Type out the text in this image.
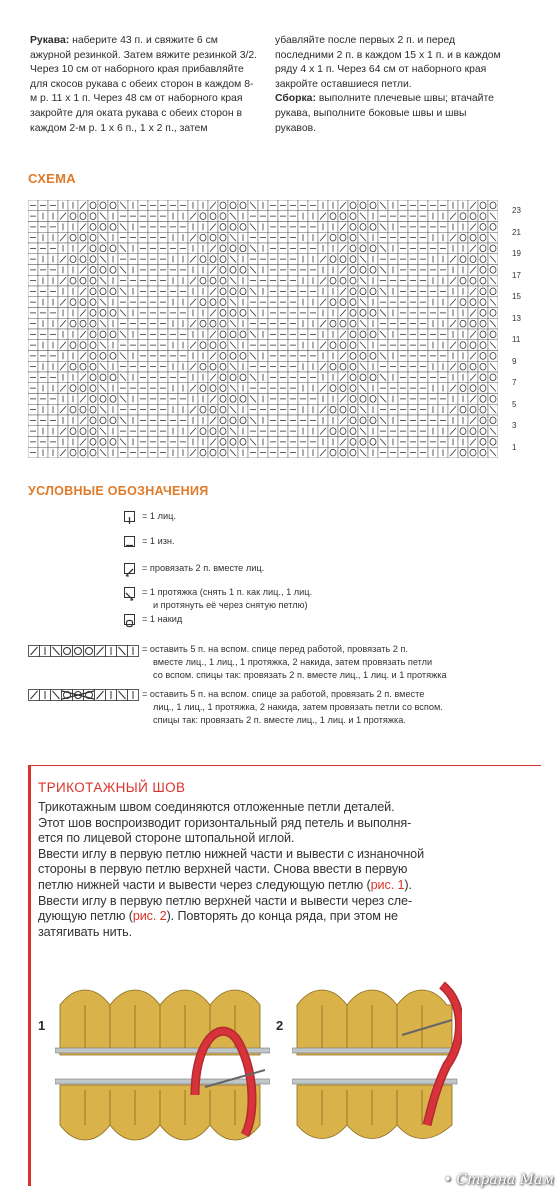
Рукава: наберите 43 п. и свяжите 6 см ажурной резинкой. Затем вяжите резинкой 3/2. Через 10 см от наборного края прибавляйте для скосов рукава с обеих сторон в каждом 8-м р. 11 х 1 п. Через 48 см от наборного края закройте для оката рукава с обеих сторон в каждом 2-м р. 1 х 6 п., 1 х 2 п., затем
убавляйте после первых 2 п. и перед последними 2 п. в каждом 15 х 1 п. и в каждом ряду 4 х 1 п. Через 64 см от наборного края закройте оставшиеся петли.
Сборка: выполните плечевые швы; втачайте рукава, выполните боковые швы и швы рукавов.
СХЕМА
23
21
19
17
15
13
11
9
7
5
3
1
УСЛОВНЫЕ ОБОЗНАЧЕНИЯ
= 1 лиц.
= 1 изн.
= провязать 2 п. вместе лиц.
= 1 протяжка (снять 1 п. как лиц., 1 лиц.
и протянуть её через снятую петлю)
= 1 накид
= оставить 5 п. на вспом. спице перед работой, провязать 2 п.
вместе лиц., 1 лиц., 1 протяжка, 2 накида, затем провязать петли
со вспом. спицы так: провязать 2 п. вместе лиц., 1 лиц. и 1 протяжка
= оставить 5 п. на вспом. спице за работой, провязать 2 п. вместе
лиц., 1 лиц., 1 протяжка, 2 накида, затем провязать петли со вспом.
спицы так: провязать 2 п. вместе лиц., 1 лиц. и 1 протяжка.
ТРИКОТАЖНЫЙ ШОВ
Трикотажным швом соединяются отложенные петли деталей.
Этот шов воспроизводит горизонтальный ряд петель и выполня-
ется по лицевой стороне штопальной иглой.
Ввести иглу в первую петлю нижней части и вывести с изнаночной
стороны в первую петлю верхней части. Снова ввести в первую
петлю нижней части и вывести через следующую петлю (рис. 1).
Ввести иглу в первую петлю верхней части и вывести через сле-
дующую петлю (рис. 2). Повторять до конца ряда, при этом не
затягивать нить.
1	2
• Страна Мам
